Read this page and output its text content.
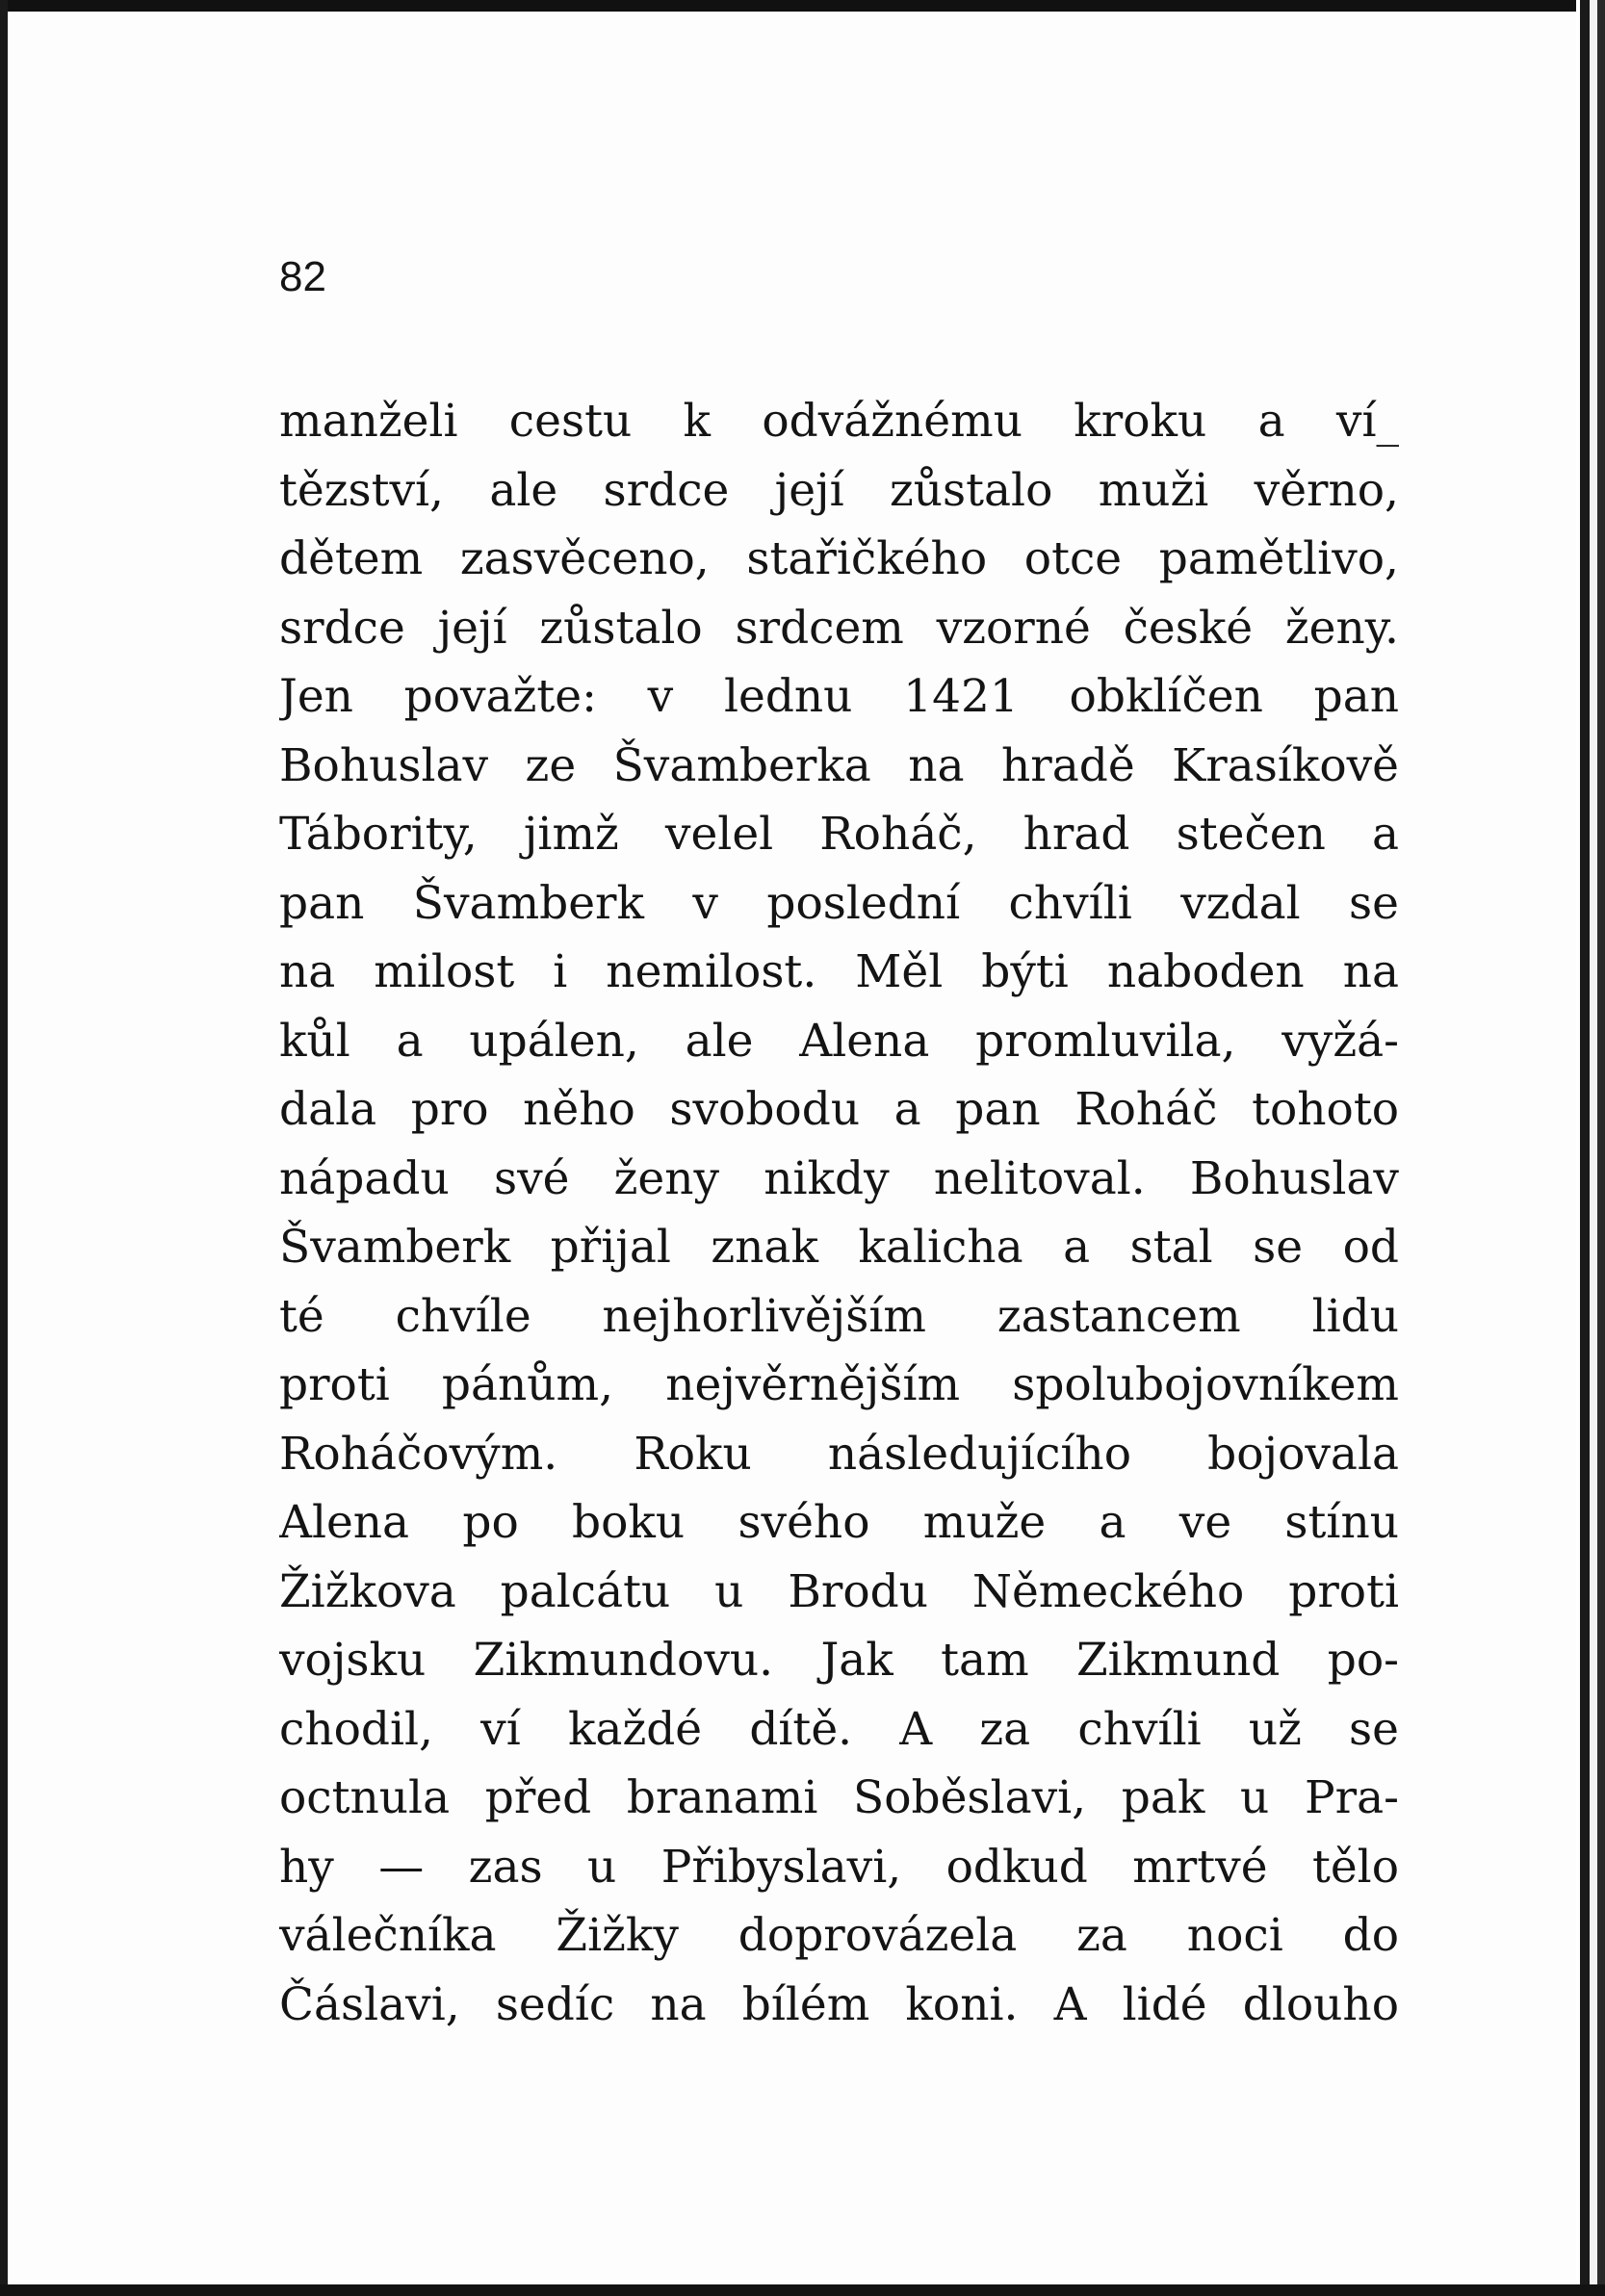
82

manželi cestu k odvážnému kroku a ví_
tězství, ale srdce její zůstalo muži věrno,
dětem zasvěceno, stařičkého otce pamětlivo,
srdce její zůstalo srdcem vzorné české ženy.
Jen považte: v lednu 1421 obklíčen pan
Bohuslav ze Švamberka na hradě Krasíkově
Tábority, jimž velel Roháč, hrad stečen a
pan Švamberk v poslední chvíli vzdal se
na milost i nemilost. Měl býti naboden na
kůl a upálen, ale Alena promluvila, vyžá-
dala pro něho svobodu a pan Roháč tohoto
nápadu své ženy nikdy nelitoval. Bohuslav
Švamberk přijal znak kalicha a stal se od
té chvíle nejhorlivějším zastancem lidu
proti pánům, nejvěrnějším spolubojovníkem
Roháčovým. Roku následujícího bojovala
Alena po boku svého muže a ve stínu
Žižkova palcátu u Brodu Německého proti
vojsku Zikmundovu. Jak tam Zikmund po-
chodil, ví každé dítě. A za chvíli už se
octnula před branami Soběslavi, pak u Pra-
hy — zas u Přibyslavi, odkud mrtvé tělo
válečníka Žižky doprovázela za noci do
Čáslavi, sedíc na bílém koni. A lidé dlouho
